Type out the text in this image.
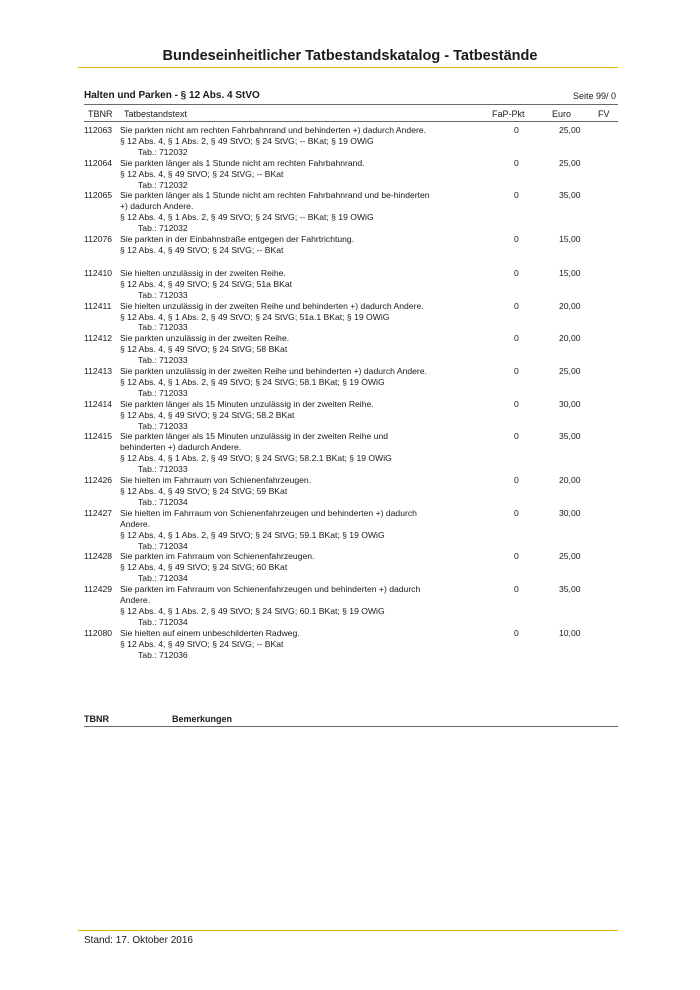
Bundeseinheitlicher Tatbestandskatalog - Tatbestände
Halten und Parken - § 12 Abs. 4 StVO	Seite 99/ 0
TBNR Tatbestandstext	FaP-Pkt	Euro	FV
112063	0	25,00
Sie parkten nicht am rechten Fahrbahnrand und behinderten +) dadurch Andere.
§ 12 Abs. 4, § 1 Abs. 2, § 49 StVO; § 24 StVG; -- BKat; § 19 OWiG
Tab.: 712032
112064	0	25,00
Sie parkten länger als 1 Stunde nicht am rechten Fahrbahnrand.
§ 12 Abs. 4, § 49 StVO; § 24 StVG; -- BKat
Tab.: 712032
112065	0	35,00
Sie parkten länger als 1 Stunde nicht am rechten Fahrbahnrand und be-hinderten +) dadurch Andere.
§ 12 Abs. 4, § 1 Abs. 2, § 49 StVO; § 24 StVG; -- BKat; § 19 OWiG
Tab.: 712032
112076	0	15,00
Sie parkten in der Einbahnstraße entgegen der Fahrtrichtung.
§ 12 Abs. 4, § 49 StVO; § 24 StVG; -- BKat
112410	0	15,00
Sie hielten unzulässig in der zweiten Reihe.
§ 12 Abs. 4, § 49 StVO; § 24 StVG; 51a BKat
Tab.: 712033
112411	0	20,00
Sie hielten unzulässig in der zweiten Reihe und behinderten +) dadurch Andere.
§ 12 Abs. 4, § 1 Abs. 2, § 49 StVO; § 24 StVG; 51a.1 BKat; § 19 OWiG
Tab.: 712033
112412	0	20,00
Sie parkten unzulässig in der zweiten Reihe.
§ 12 Abs. 4, § 49 StVO; § 24 StVG; 58 BKat
Tab.: 712033
112413	0	25,00
Sie parkten unzulässig in der zweiten Reihe und behinderten +) dadurch Andere.
§ 12 Abs. 4, § 1 Abs. 2, § 49 StVO; § 24 StVG; 58.1 BKat; § 19 OWiG
Tab.: 712033
112414	0	30,00
Sie parkten länger als 15 Minuten unzulässig in der zweiten Reihe.
§ 12 Abs. 4, § 49 StVO; § 24 StVG; 58.2 BKat
Tab.: 712033
112415	0	35,00
Sie parkten länger als 15 Minuten unzulässig in der zweiten Reihe und behinderten +) dadurch Andere.
§ 12 Abs. 4, § 1 Abs. 2, § 49 StVO; § 24 StVG; 58.2.1 BKat; § 19 OWiG
Tab.: 712033
112426	0	20,00
Sie hielten im Fahrraum von Schienenfahrzeugen.
§ 12 Abs. 4, § 49 StVO; § 24 StVG; 59 BKat
Tab.: 712034
112427	0	30,00
Sie hielten im Fahrraum von Schienenfahrzeugen und behinderten +) dadurch Andere.
§ 12 Abs. 4, § 1 Abs. 2, § 49 StVO; § 24 StVG; 59.1 BKat; § 19 OWiG
Tab.: 712034
112428	0	25,00
Sie parkten im Fahrraum von Schienenfahrzeugen.
§ 12 Abs. 4, § 49 StVO; § 24 StVG; 60 BKat
Tab.: 712034
112429	0	35,00
Sie parkten im Fahrraum von Schienenfahrzeugen und behinderten +) dadurch Andere.
§ 12 Abs. 4, § 1 Abs. 2, § 49 StVO; § 24 StVG; 60.1 BKat; § 19 OWiG
Tab.: 712034
112080	0	10,00
Sie hielten auf einem unbeschilderten Radweg.
§ 12 Abs. 4, § 49 StVO; § 24 StVG; -- BKat
Tab.: 712036
TBNR	Bemerkungen
Stand: 17. Oktober 2016
